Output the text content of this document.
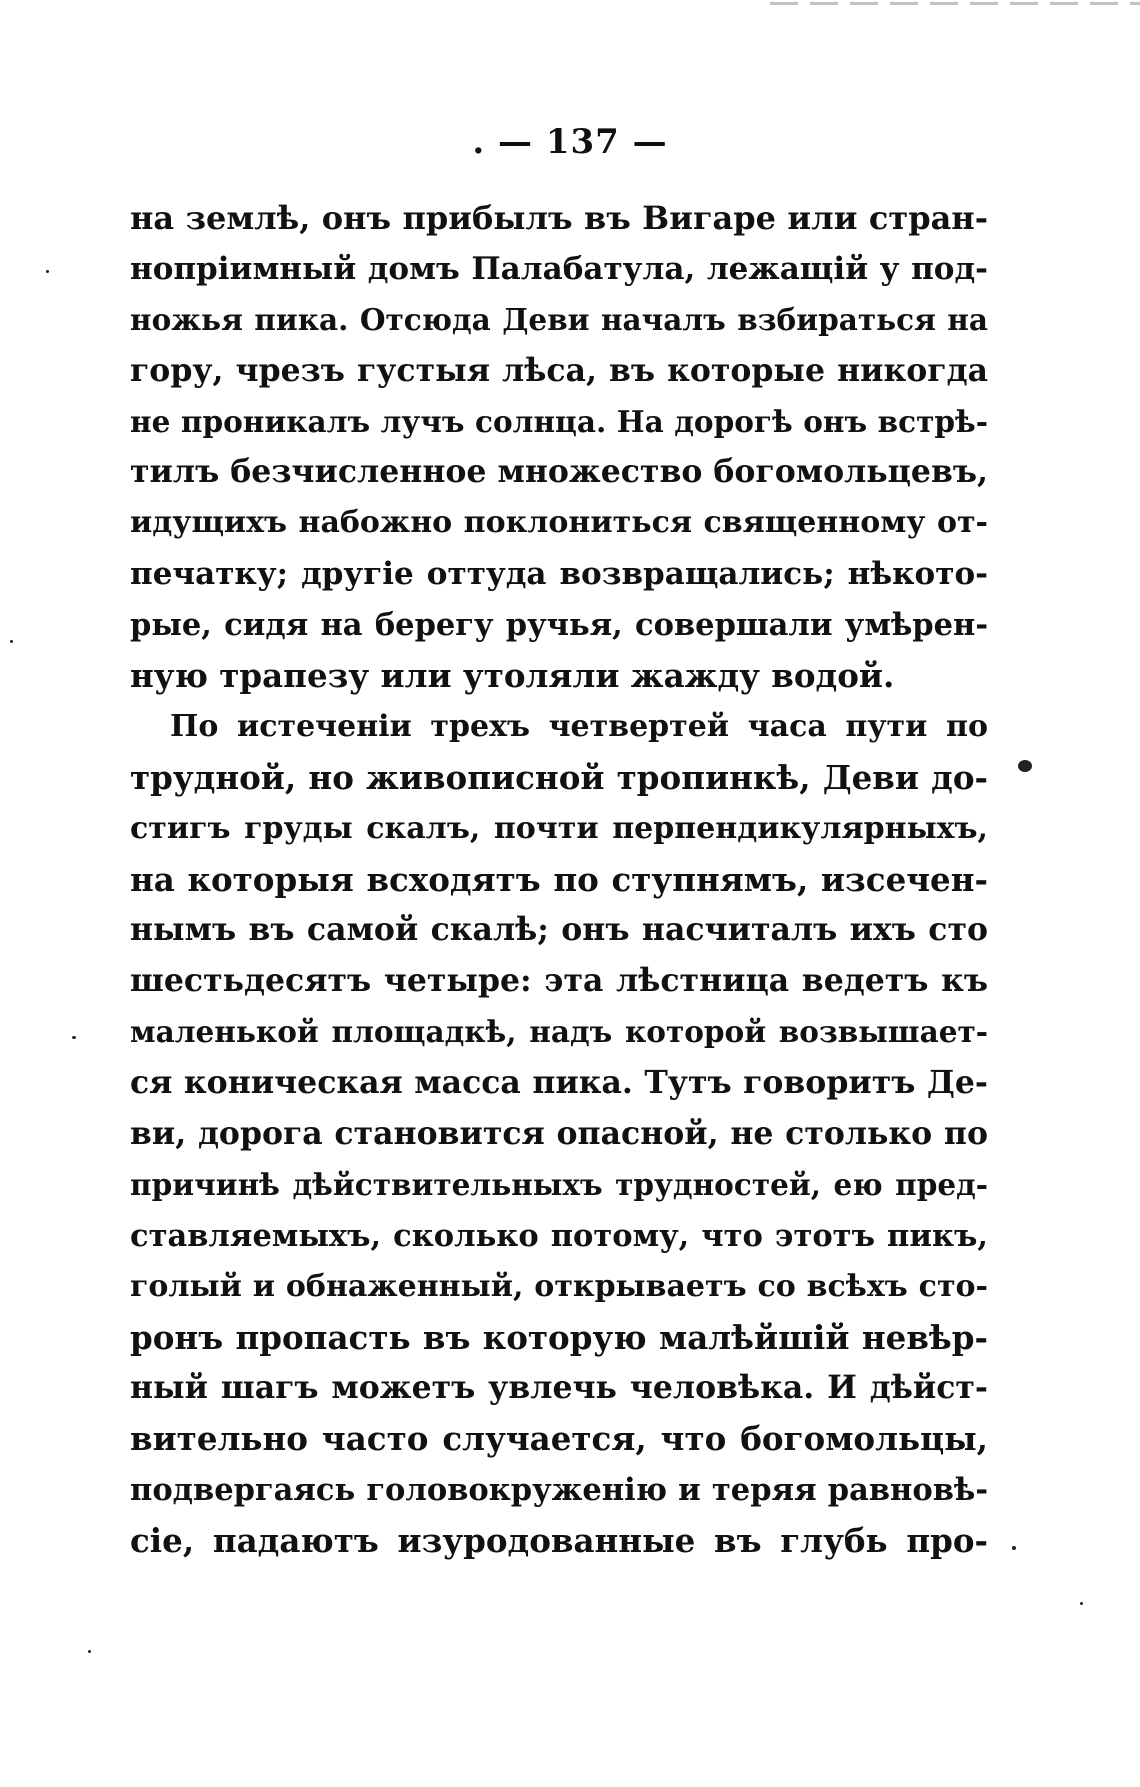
. — 137 —
на землѣ, онъ прибылъ въ Вигаре или стран-
нопріимный домъ Палабатула, лежащій у под-
ножья пика. Отсюда Деви началъ взбираться на
гору, чрезъ густыя лѣса, въ которые никогда
не проникалъ лучъ солнца. На дорогѣ онъ встрѣ-
тилъ безчисленное множество богомольцевъ,
идущихъ набожно поклониться священному от-
печатку; другіе оттуда возвращались; нѣкото-
рые, сидя на берегу ручья, совершали умѣрен-
ную трапезу или утоляли жажду водой.
По истеченіи трехъ четвертей часа пути по
трудной, но живописной тропинкѣ, Деви до-
стигъ груды скалъ, почти перпендикулярныхъ,
на которыя всходятъ по ступнямъ, изсечен-
нымъ въ самой скалѣ; онъ насчиталъ ихъ сто
шестьдесятъ четыре: эта лѣстница ведетъ къ
маленькой площадкѣ, надъ которой возвышает-
ся коническая масса пика. Тутъ говоритъ Де-
ви, дорога становится опасной, не столько по
причинѣ дѣйствительныхъ трудностей, ею пред-
ставляемыхъ, сколько потому, что этотъ пикъ,
голый и обнаженный, открываетъ со всѣхъ сто-
ронъ пропасть въ которую малѣйшій невѣр-
ный шагъ можетъ увлечь человѣка. И дѣйст-
вительно часто случается, что богомольцы,
подвергаясь головокруженію и теряя равновѣ-
сіе, падаютъ изуродованные въ глубь про-
